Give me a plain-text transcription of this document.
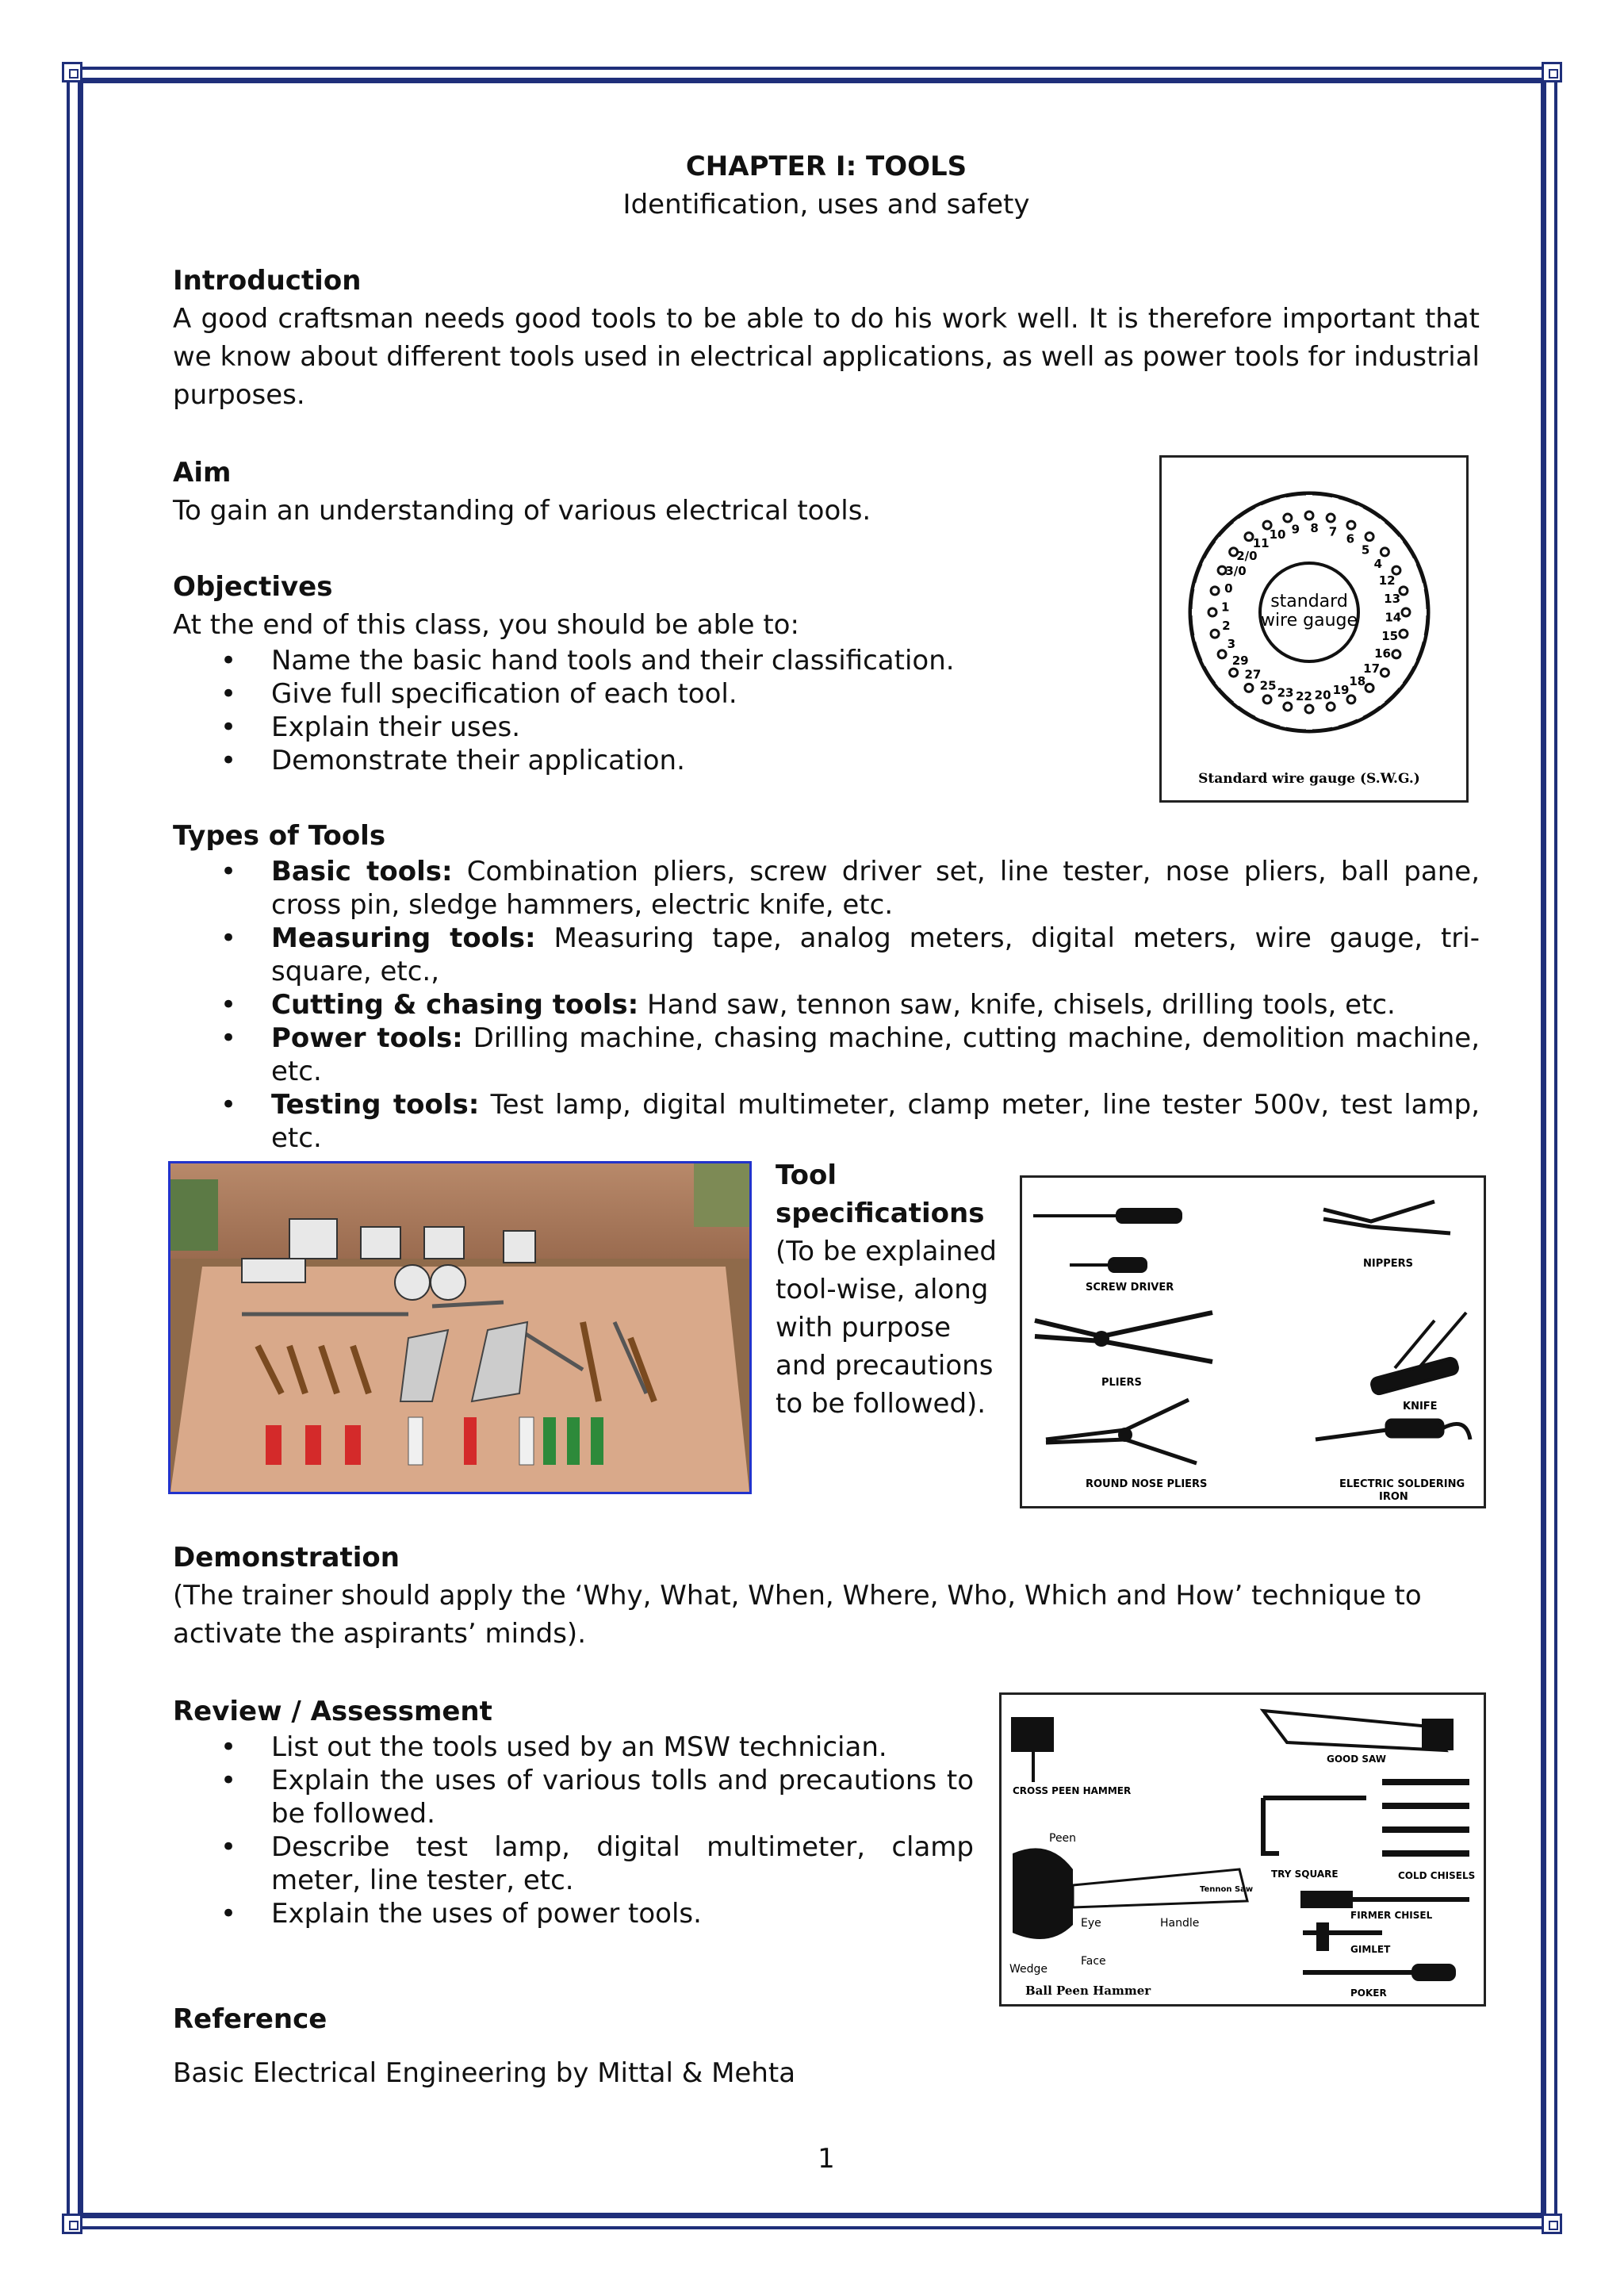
CHAPTER I: TOOLS
Identification, uses and safety
Introduction
A good craftsman needs good tools to be able to do his work well. It is therefore important that we know about different tools used in electrical applications, as well as power tools for industrial purposes.
Aim
To gain an understanding of various electrical tools.
Objectives
At the end of this class, you should be able to:
• Name the basic hand tools and their classification.
• Give full specification of each tool.
• Explain their uses.
• Demonstrate their application.
standard
wire gauge
11
10 9 8 7
6
5
4
12
13
14
15
16
17
18
19
20
22
23
25
27
29
3
2
1
0
3/0
2/0
Standard wire gauge (S.W.G.)
Types of Tools
• Basic tools: Combination pliers, screw driver set, line tester, nose pliers, ball pane, cross pin, sledge hammers, electric knife, etc.
• Measuring tools: Measuring tape, analog meters, digital meters, wire gauge, tri-square, etc.,
• Cutting & chasing tools: Hand saw, tennon saw, knife, chisels, drilling tools, etc.
• Power tools: Drilling machine, chasing machine, cutting machine, demolition machine, etc.
• Testing tools: Test lamp, digital multimeter, clamp meter, line tester 500v, test lamp, etc.
Tool specifications
(To be explained tool-wise, along with purpose and precautions to be followed).
SCREW DRIVER
NIPPERS
PLIERS
KNIFE
ROUND NOSE PLIERS	ELECTRIC SOLDERING
IRON
Demonstration
(The trainer should apply the ‘Why, What, When, Where, Who, Which and How’ technique to activate the aspirants’ minds).
Review / Assessment
• List out the tools used by an MSW technician.
• Explain the uses of various tolls and precautions to be followed.
• Describe test lamp, digital multimeter, clamp meter, line tester, etc.
• Explain the uses of power tools.
CROSS PEEN HAMMER
GOOD SAW
TRY SQUARE	COLD CHISELS
Peen
Tennon Saw
Eye	Handle
Face
Wedge
Ball Peen Hammer
FIRMER CHISEL
GIMLET
POKER
Reference
Basic Electrical Engineering by Mittal & Mehta
1
